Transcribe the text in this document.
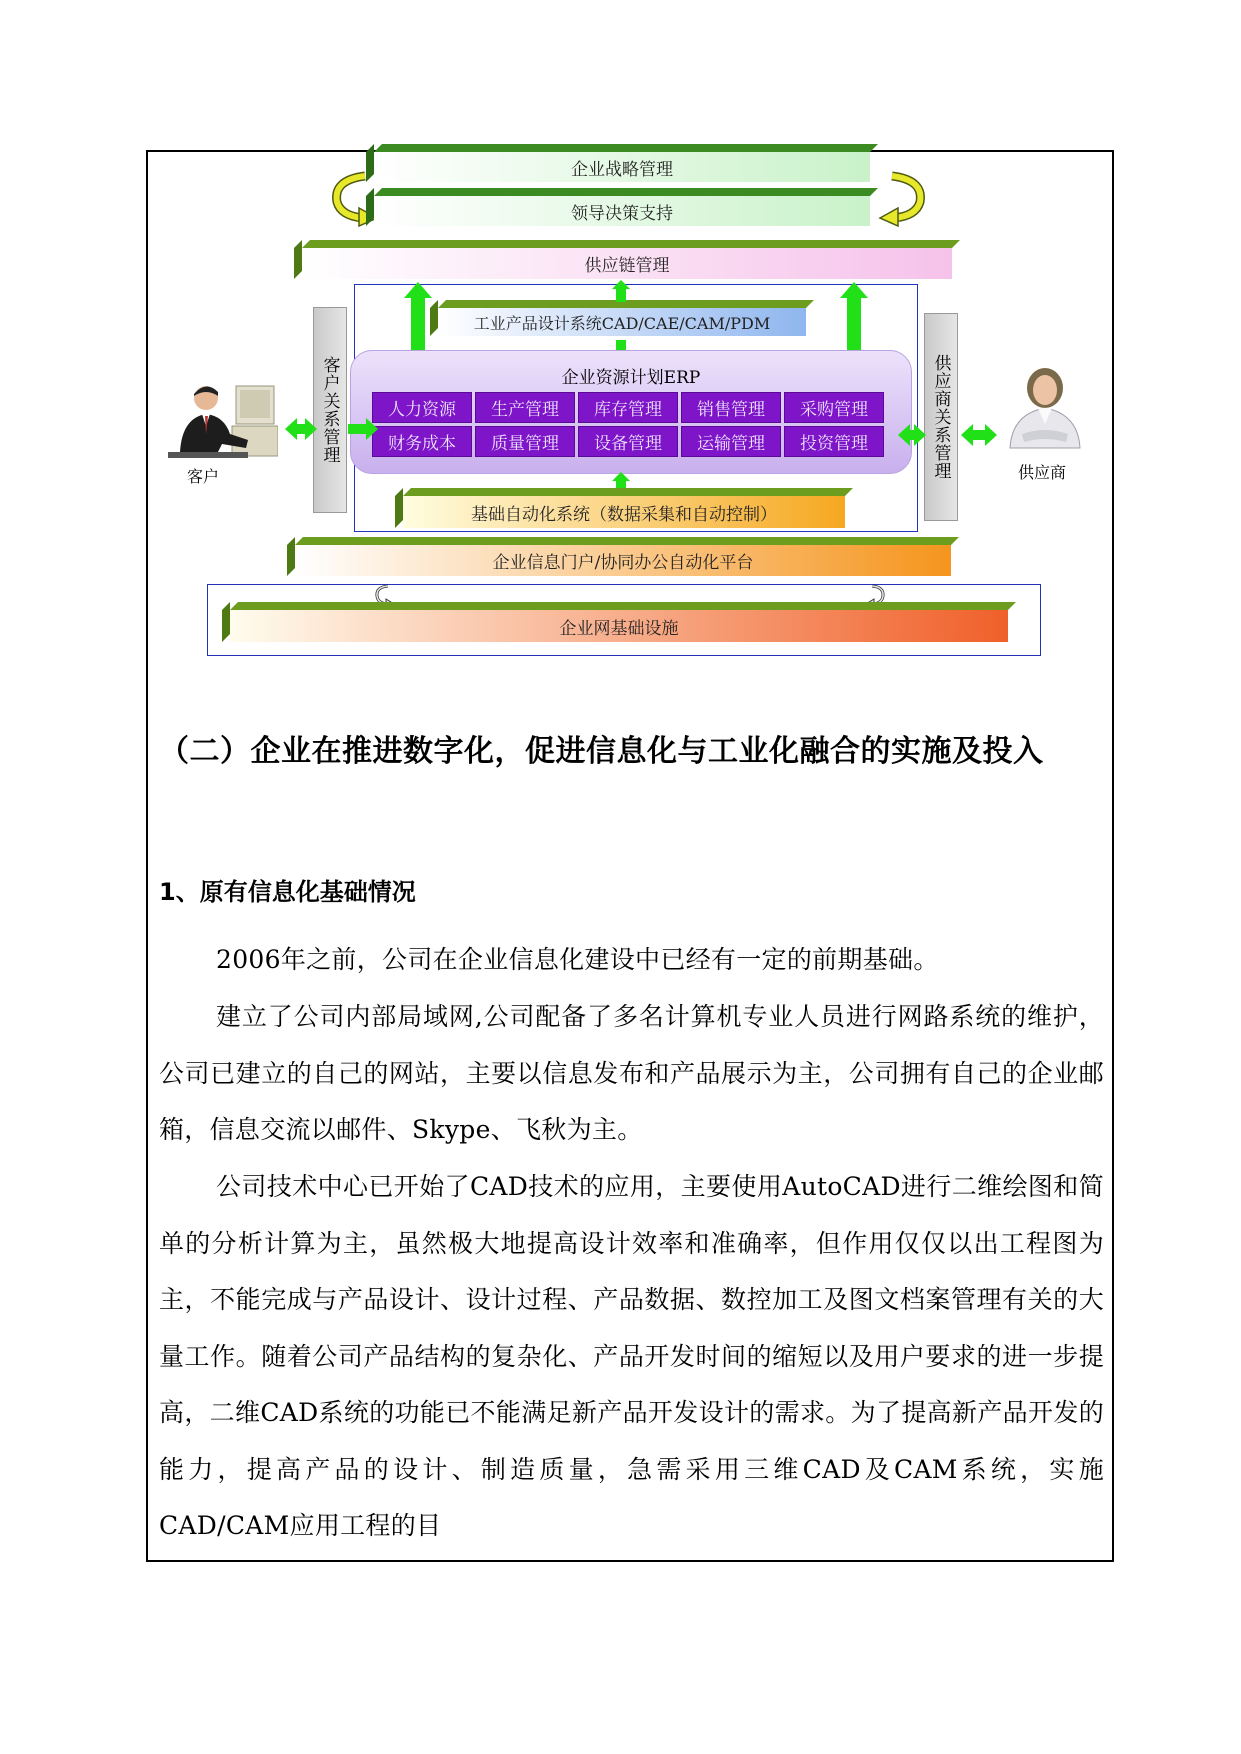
企业战略管理
领导决策支持
供应链管理
工业产品设计系统CAD/CAE/CAM/PDM
企业资源计划ERP
人力资源	生产管理	库存管理	销售管理	采购管理
财务成本	质量管理	设备管理	运输管理	投资管理
客户关系管理	供应商关系管理
客户	供应商
基础自动化系统（数据采集和自动控制）
企业信息门户/协同办公自动化平台
企业网基础设施
（二）企业在推进数字化，促进信息化与工业化融合的实施及投入
1、原有信息化基础情况
2006年之前，公司在企业信息化建设中已经有一定的前期基础。
建立了公司内部局域网,公司配备了多名计算机专业人员进行网路系统的维护，公司已建立的自己的网站，主要以信息发布和产品展示为主，公司拥有自己的企业邮箱，信息交流以邮件、Skype、飞秋为主。
公司技术中心已开始了CAD技术的应用，主要使用AutoCAD进行二维绘图和简单的分析计算为主，虽然极大地提高设计效率和准确率，但作用仅仅以出工程图为主，不能完成与产品设计、设计过程、产品数据、数控加工及图文档案管理有关的大量工作。随着公司产品结构的复杂化、产品开发时间的缩短以及用户要求的进一步提高，二维CAD系统的功能已不能满足新产品开发设计的需求。为了提高新产品开发的能力，提高产品的设计、制造质量，急需采用三维CAD及CAM系统，实施CAD/CAM应用工程的目
